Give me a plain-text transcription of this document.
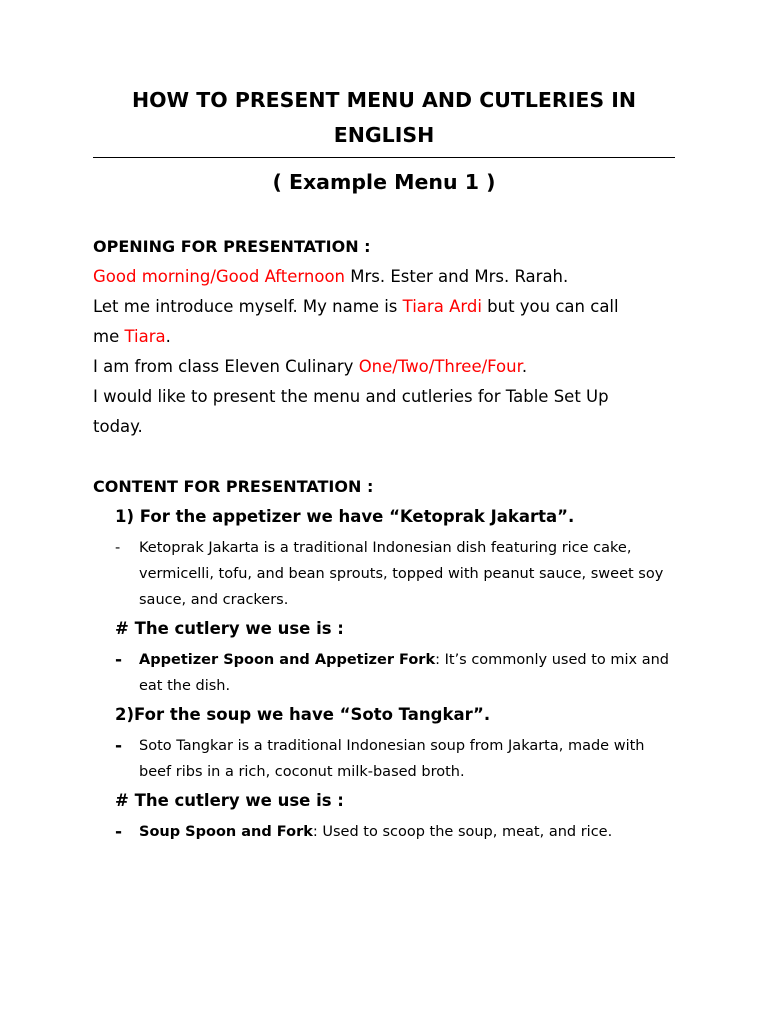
HOW TO PRESENT MENU AND CUTLERIES IN
ENGLISH
( Example Menu 1 )

OPENING FOR PRESENTATION :

Good morning/Good Afternoon Mrs. Ester and Mrs. Rarah.

Let me introduce myself. My name is Tiara Ardi but you can call
me Tiara.

I am from class Eleven Culinary One/Two/Three/Four.

I would like to present the menu and cutleries for Table Set Up
today.

CONTENT FOR PRESENTATION :

1) For the appetizer we have “Ketoprak Jakarta”.

- Ketoprak Jakarta is a traditional Indonesian dish featuring rice cake, vermicelli, tofu, and bean sprouts, topped with peanut sauce, sweet soy sauce, and crackers.

# The cutlery we use is :

- Appetizer Spoon and Appetizer Fork: It’s commonly used to mix and eat the dish.

2)For the soup we have “Soto Tangkar”.

- Soto Tangkar is a traditional Indonesian soup from Jakarta, made with beef ribs in a rich, coconut milk-based broth.

# The cutlery we use is :

- Soup Spoon and Fork: Used to scoop the soup, meat, and rice.
